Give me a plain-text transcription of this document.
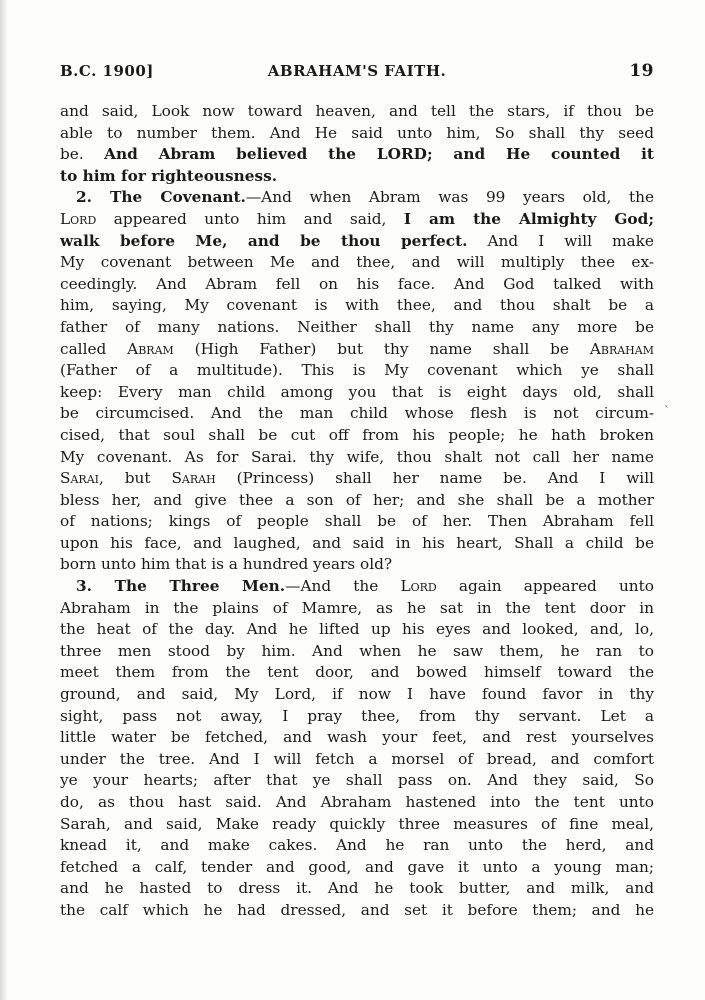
B.C. 1900]	ABRAHAM'S FAITH.	19
and said, Look now toward heaven, and tell the stars, if thou be
able to number them. And He said unto him, So shall thy seed
be. And Abram believed the LORD; and He counted it
to him for righteousness.
2. The Covenant.—And when Abram was 99 years old, the
Lord appeared unto him and said, I am the Almighty God;
walk before Me, and be thou perfect. And I will make
My covenant between Me and thee, and will multiply thee ex-
ceedingly. And Abram fell on his face. And God talked with
him, saying, My covenant is with thee, and thou shalt be a
father of many nations. Neither shall thy name any more be
called Abram (High Father) but thy name shall be Abraham
(Father of a multitude). This is My covenant which ye shall
keep: Every man child among you that is eight days old, shall
be circumcised. And the man child whose flesh is not circum-
cised, that soul shall be cut off from his people; he hath broken
My covenant. As for Sarai. thy wife, thou shalt not call her name
Sarai, but Sarah (Princess) shall her name be. And I will
bless her, and give thee a son of her; and she shall be a mother
of nations; kings of people shall be of her. Then Abraham fell
upon his face, and laughed, and said in his heart, Shall a child be
born unto him that is a hundred years old?
3. The Three Men.—And the Lord again appeared unto
Abraham in the plains of Mamre, as he sat in the tent door in
the heat of the day. And he lifted up his eyes and looked, and, lo,
three men stood by him. And when he saw them, he ran to
meet them from the tent door, and bowed himself toward the
ground, and said, My Lord, if now I have found favor in thy
sight, pass not away, I pray thee, from thy servant. Let a
little water be fetched, and wash your feet, and rest yourselves
under the tree. And I will fetch a morsel of bread, and comfort
ye your hearts; after that ye shall pass on. And they said, So
do, as thou hast said. And Abraham hastened into the tent unto
Sarah, and said, Make ready quickly three measures of fine meal,
knead it, and make cakes. And he ran unto the herd, and
fetched a calf, tender and good, and gave it unto a young man;
and he hasted to dress it. And he took butter, and milk, and
the calf which he had dressed, and set it before them; and he
`
